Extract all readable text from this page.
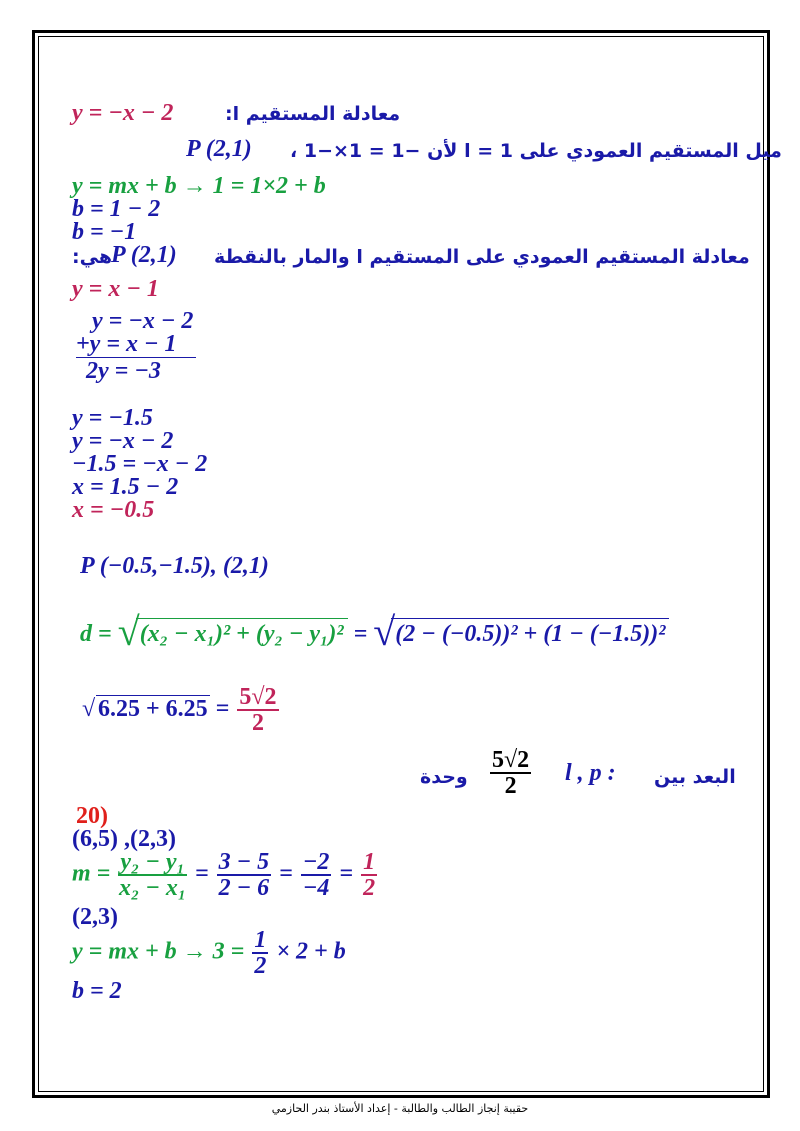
y = −x − 2	معادلة المستقيم l:
P (2,1) ميل المستقيم العمودي على l = 1 لأن −1 = 1×−1 ،
y = mx + b → 1 = 1×2 + b
b = 1 − 2
b = −1
معادلة المستقيم العمودي على المستقيم l والمار بالنقطة
P (2,1)
هي:
y = x − 1
y = −x − 2
+y = x − 1
2y = −3
y = −1.5
y = −x − 2
−1.5 = −x − 2
x = 1.5 − 2
x = −0.5
P (−0.5,−1.5), (2,1)
d = √ (x₂ − x₁)² + (y₂ − y₁)² = √ (2 − (−0.5))² + (1 − (−1.5))²
√ $6.25 + 6.25 = \frac{5√2}{2}$
البعد بين
l , p :
$\frac{5√2}{2}$
وحدة
20)
(6,5) ,(2,3)
$m = \frac{\text{y₂ − y₁}}{\text{x₂ − x₁}} = \frac{3 - 5}{2 - 6} = \frac{-2}{-4} = \frac{1}{2}$
(2,3)
y = mx + $b \to 3 = \frac{1}{2} \times 2 + b$
b = 2
حقيبة إنجاز الطالب والطالبة - إعداد الأستاذ بندر الحازمي
